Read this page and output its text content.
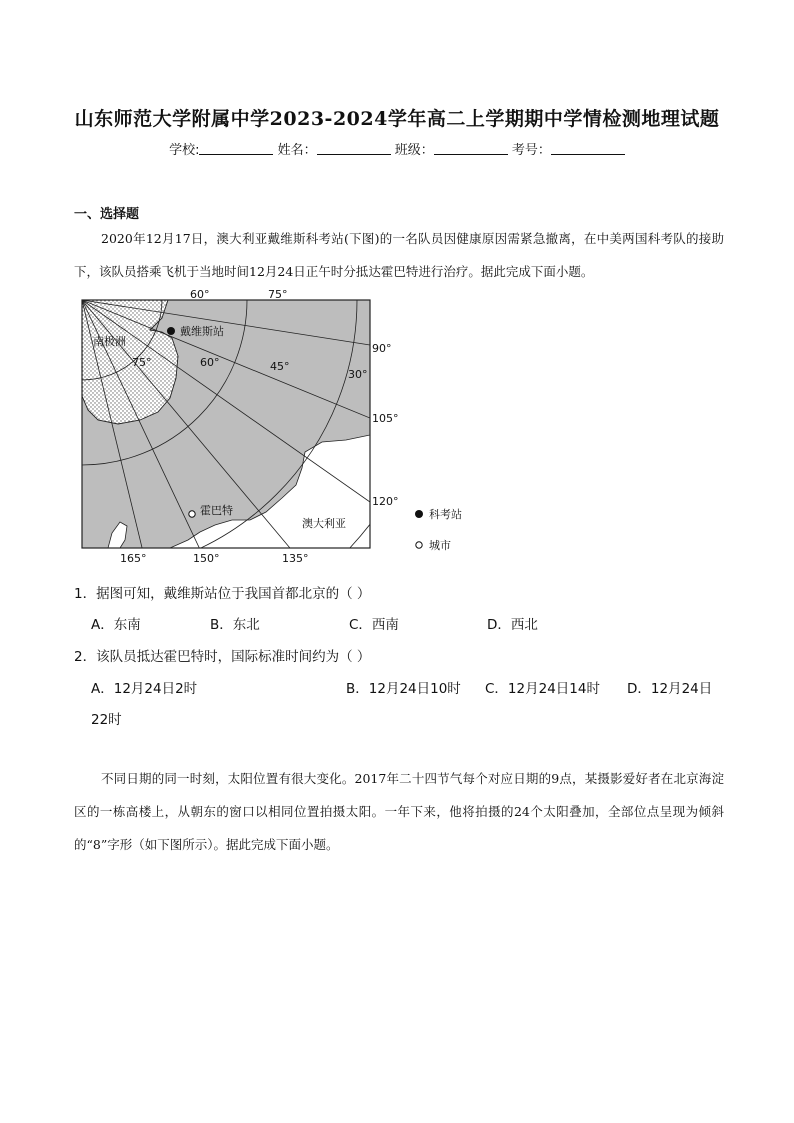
山东师范大学附属中学2023-2024学年高二上学期期中学情检测地理试题
学校:	姓名：	班级：	考号：
一、选择题
2020年12月17日，澳大利亚戴维斯科考站(下图)的一名队员因健康原因需紧急撤离，在中美两国科考队的接助下，该队员搭乘飞机于当地时间12月24日正午时分抵达霍巴特进行治疗。据此完成下面小题。
南极洲
戴维斯站
霍巴特
澳大利亚
60°	75°
90°
105°
120°
135°
150°
165°
75°	60°	45°
30°
科考站
城市
1．据图可知，戴维斯站位于我国首都北京的（ ）
A．东南	B．东北	C．西南	D．西北
2．该队员抵达霍巴特时，国际标准时间约为（ ）
A．12月24日2时	B．12月24日10时 C．12月24日14时 D．12月24日
22时
不同日期的同一时刻，太阳位置有很大变化。2017年二十四节气每个对应日期的9点，某摄影爱好者在北京海淀区的一栋高楼上，从朝东的窗口以相同位置拍摄太阳。一年下来，他将拍摄的24个太阳叠加，全部位点呈现为倾斜的“8”字形（如下图所示）。据此完成下面小题。
